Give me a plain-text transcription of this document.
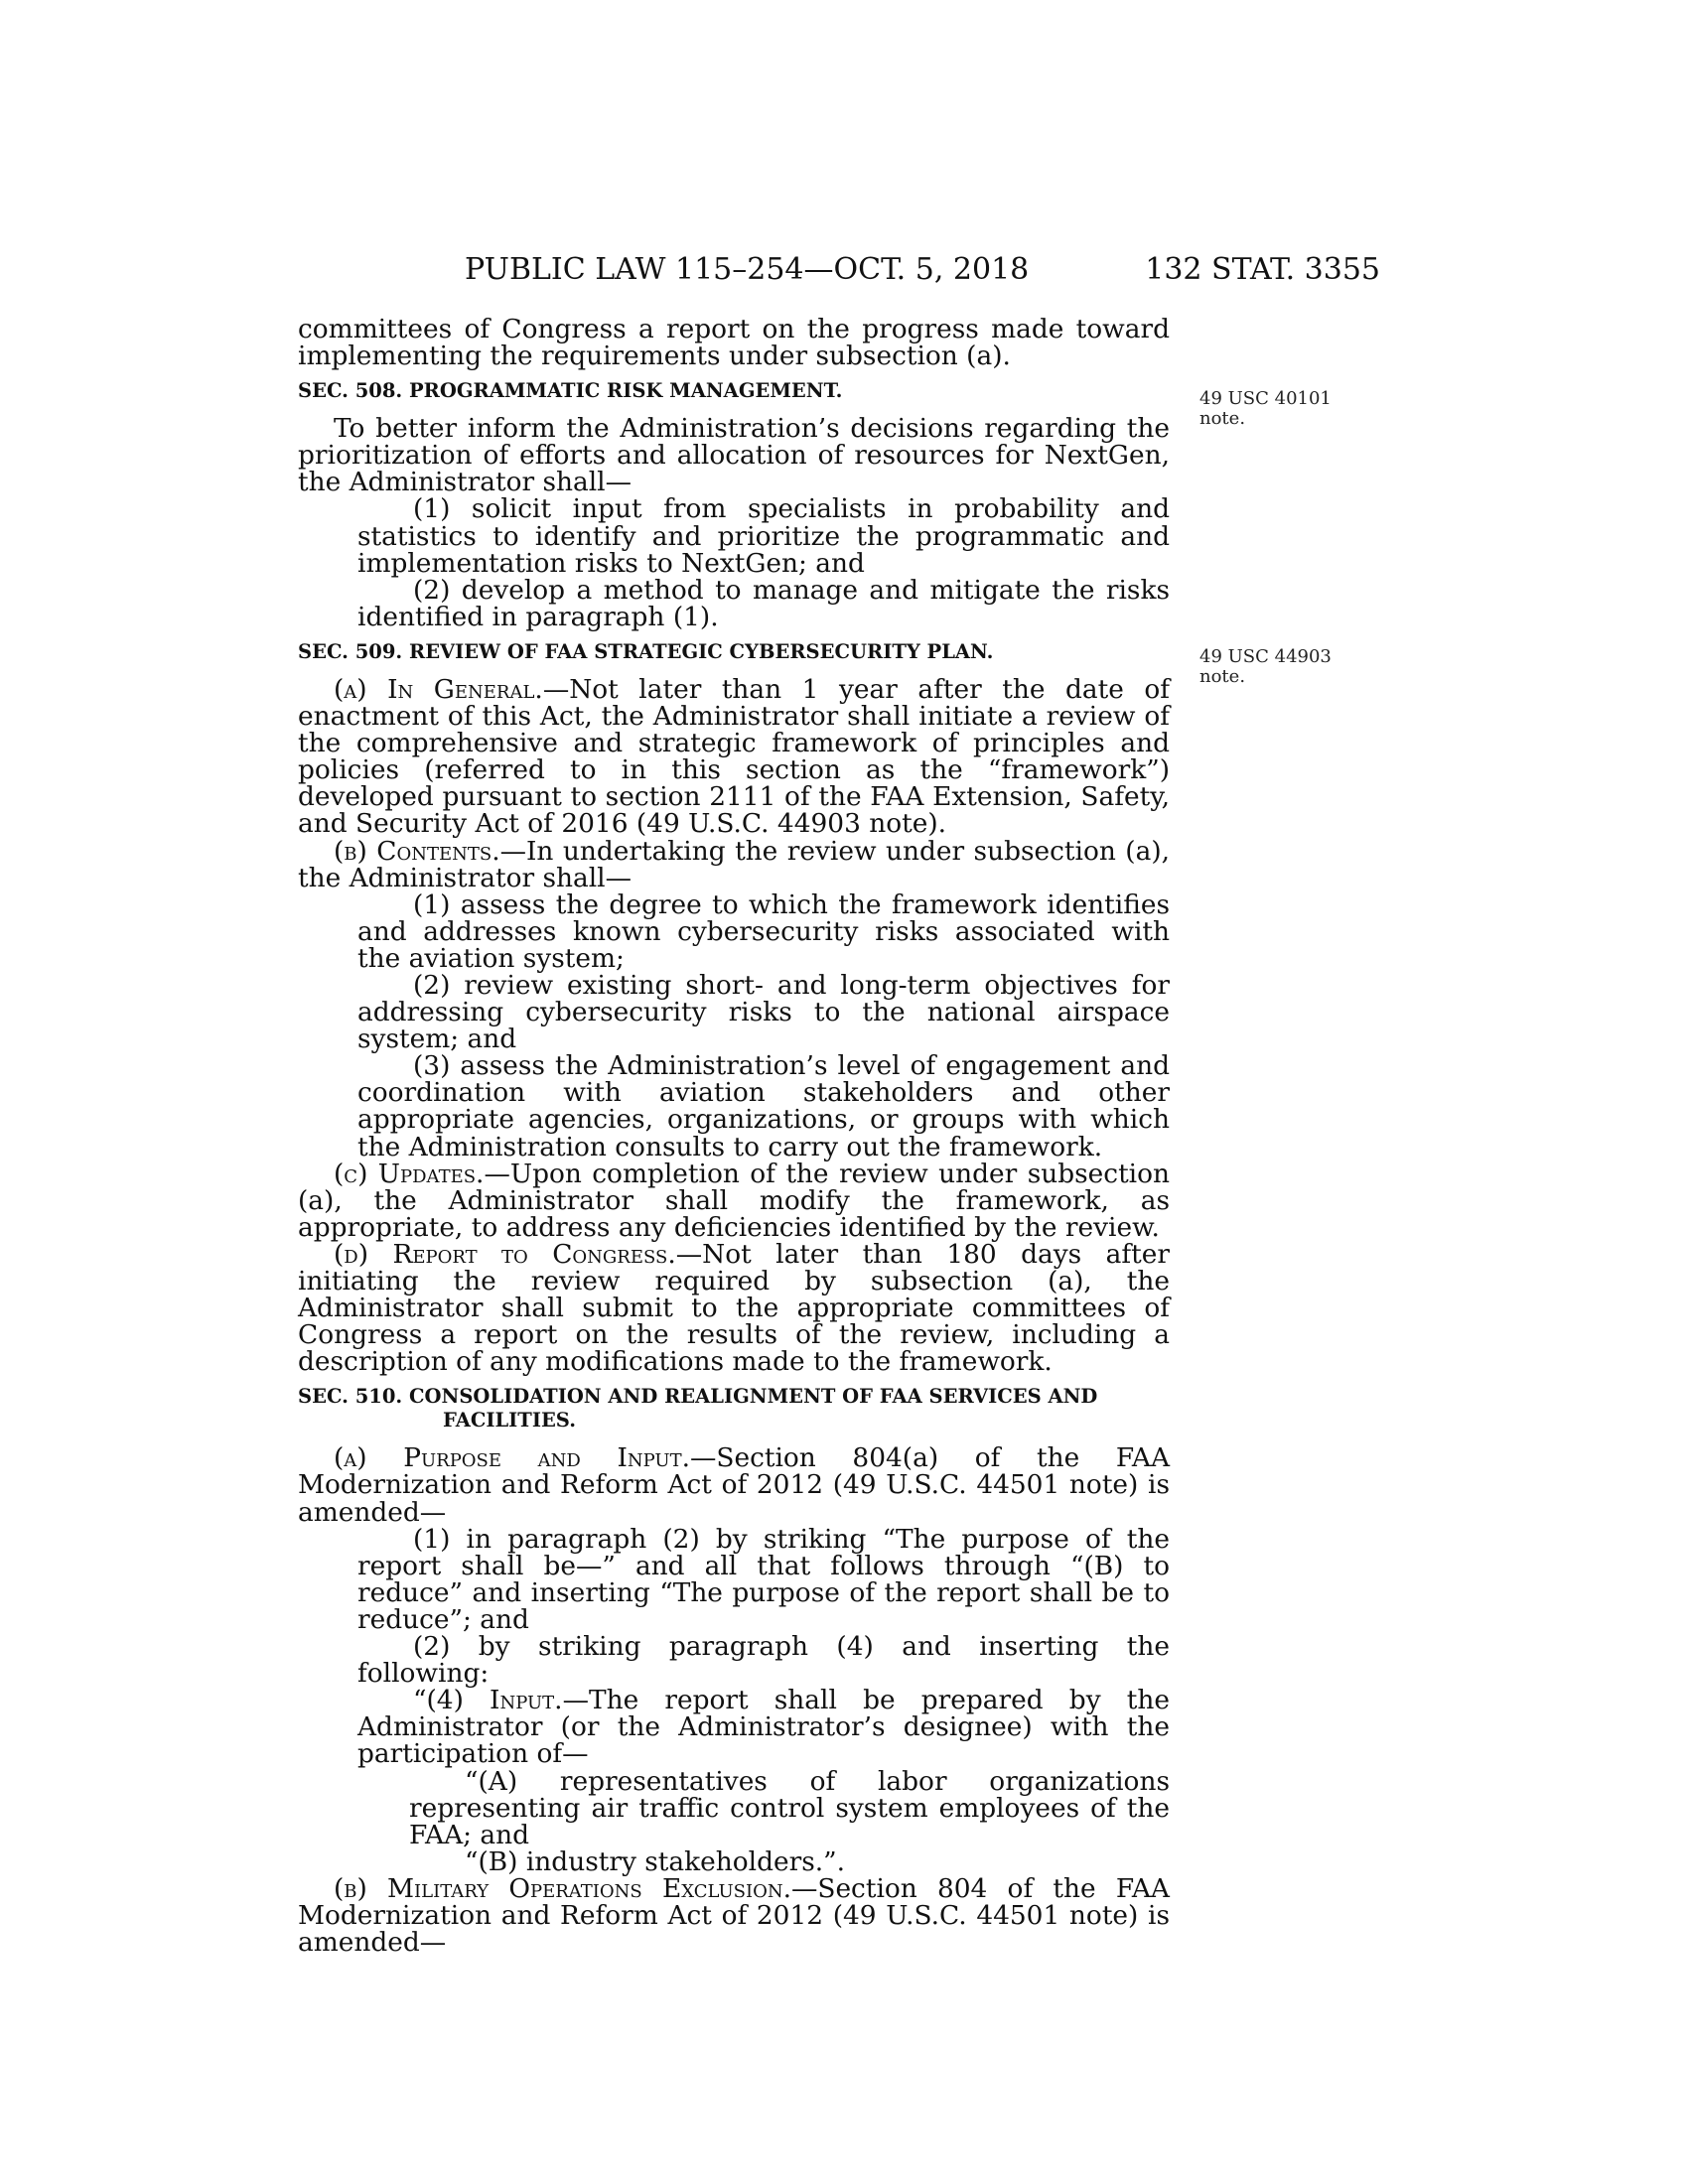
PUBLIC LAW 115–254—OCT. 5, 2018	132 STAT. 3355
49 USC 40101
note.
49 USC 44903
note.

committees of Congress a report on the progress made toward implementing the requirements under subsection (a).

SEC. 508. PROGRAMMATIC RISK MANAGEMENT.

To better inform the Administration’s decisions regarding the prioritization of efforts and allocation of resources for NextGen, the Administrator shall—

(1) solicit input from specialists in probability and statistics to identify and prioritize the programmatic and implementation risks to NextGen; and

(2) develop a method to manage and mitigate the risks identified in paragraph (1).

SEC. 509. REVIEW OF FAA STRATEGIC CYBERSECURITY PLAN.

(a) In General.—Not later than 1 year after the date of enactment of this Act, the Administrator shall initiate a review of the comprehensive and strategic framework of principles and policies (referred to in this section as the “framework”) developed pursuant to section 2111 of the FAA Extension, Safety, and Security Act of 2016 (49 U.S.C. 44903 note).

(b) Contents.—In undertaking the review under subsection (a), the Administrator shall—

(1) assess the degree to which the framework identifies and addresses known cybersecurity risks associated with the aviation system;

(2) review existing short- and long-term objectives for addressing cybersecurity risks to the national airspace system; and

(3) assess the Administration’s level of engagement and coordination with aviation stakeholders and other appropriate agencies, organizations, or groups with which the Administration consults to carry out the framework.

(c) Updates.—Upon completion of the review under subsection (a), the Administrator shall modify the framework, as appropriate, to address any deficiencies identified by the review.

(d) Report to Congress.—Not later than 180 days after initiating the review required by subsection (a), the Administrator shall submit to the appropriate committees of Congress a report on the results of the review, including a description of any modifications made to the framework.

SEC. 510. CONSOLIDATION AND REALIGNMENT OF FAA SERVICES AND FACILITIES.

(a) Purpose and Input.—Section 804(a) of the FAA Modernization and Reform Act of 2012 (49 U.S.C. 44501 note) is amended—

(1) in paragraph (2) by striking “The purpose of the report shall be—” and all that follows through “(B) to reduce” and inserting “The purpose of the report shall be to reduce”; and

(2) by striking paragraph (4) and inserting the following:

“(4) Input.—The report shall be prepared by the Administrator (or the Administrator’s designee) with the participation of—

“(A) representatives of labor organizations representing air traffic control system employees of the FAA; and

“(B) industry stakeholders.”.

(b) Military Operations Exclusion.—Section 804 of the FAA Modernization and Reform Act of 2012 (49 U.S.C. 44501 note) is amended—
